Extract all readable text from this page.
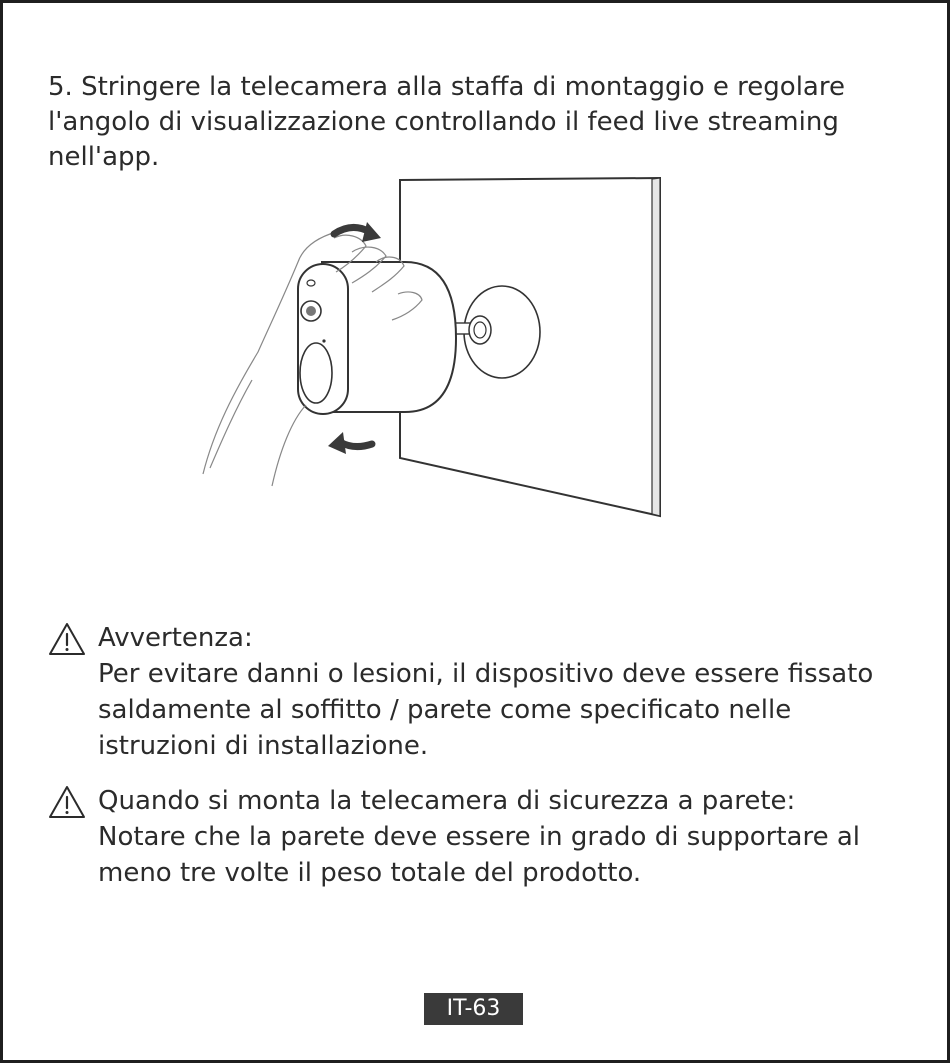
5. Stringere la telecamera alla staffa di montaggio e regolare l'angolo di visualizzazione controllando il feed live streaming nell'app.

Avvertenza:
Per evitare danni o lesioni, il dispositivo deve essere fissato saldamente al soffitto / parete come specificato nelle istruzioni di installazione.
Quando si monta la telecamera di sicurezza a parete:
Notare che la parete deve essere in grado di supportare al meno tre volte il peso totale del prodotto.
IT-63
